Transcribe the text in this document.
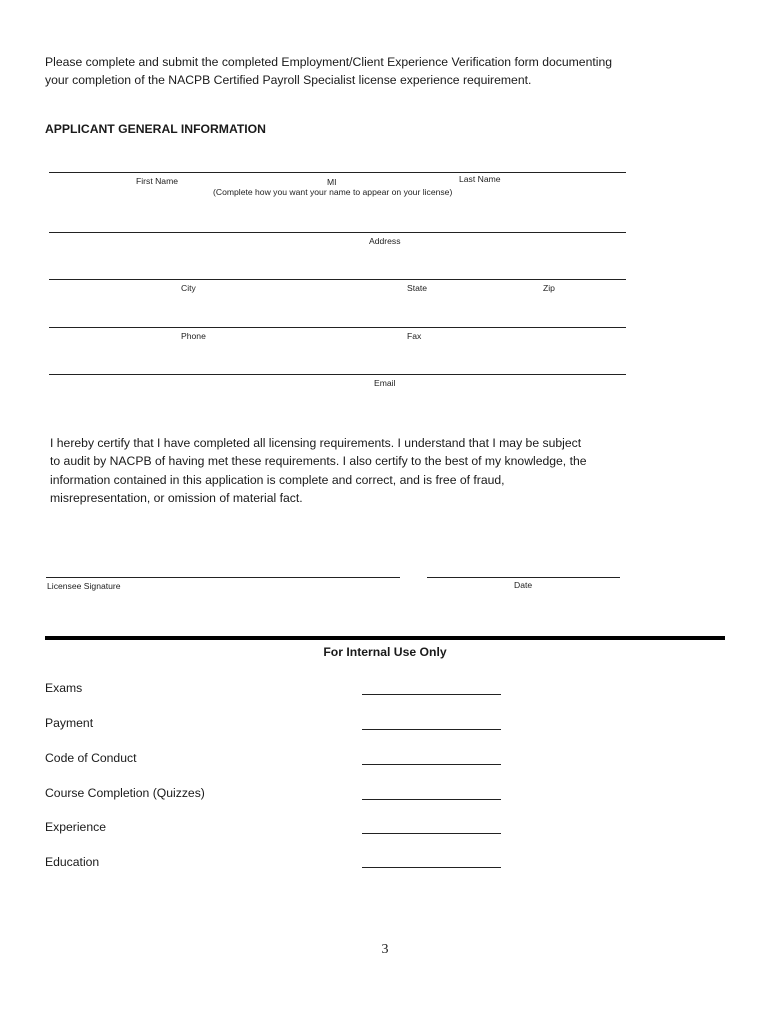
Please complete and submit the completed Employment/Client Experience Verification form documenting
your completion of the NACPB Certified Payroll Specialist license experience requirement.
APPLICANT GENERAL INFORMATION
First Name	MI	Last Name
(Complete how you want your name to appear on your license)
Address
City	State	Zip
Phone	Fax
Email
I hereby certify that I have completed all licensing requirements. I understand that I may be subject
to audit by NACPB of having met these requirements. I also certify to the best of my knowledge, the
information contained in this application is complete and correct, and is free of fraud,
misrepresentation, or omission of material fact.
Licensee Signature	Date
For Internal Use Only
Exams
Payment
Code of Conduct
Course Completion (Quizzes)
Experience
Education
3
